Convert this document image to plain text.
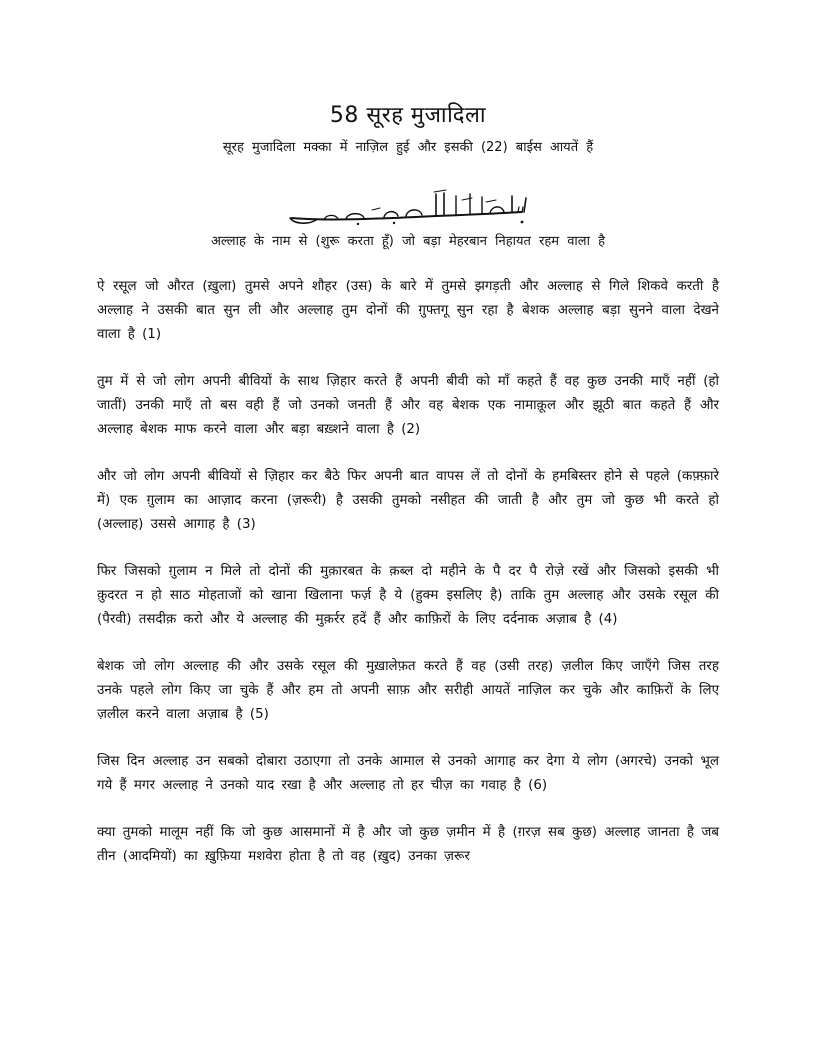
58 सूरह मुजादिला
सूरह मुजादिला मक्का में नाज़िल हुई और इसकी (22) बाईस आयतें हैं
अल्लाह के नाम से (शुरू करता हूँ) जो बड़ा मेहरबान निहायत रहम वाला है

ऐ रसूल जो औरत (ख़ुला) तुमसे अपने शौहर (उस) के बारे में तुमसे झगड़ती और अल्लाह से गिले शिकवे करती है अल्लाह ने उसकी बात सुन ली और अल्लाह तुम दोनों की ग़ुफ्तगू सुन रहा है बेशक अल्लाह बड़ा सुनने वाला देखने वाला है (1)

तुम में से जो लोग अपनी बीवियों के साथ ज़िहार करते हैं अपनी बीवी को माँ कहते हैं वह कुछ उनकी माएँ नहीं (हो जातीं) उनकी माएँ तो बस वही हैं जो उनको जनती हैं और वह बेशक एक नामाक़ूल और झूठी बात कहते हैं और अल्लाह बेशक माफ करने वाला और बड़ा बख़्शने वाला है (2)

और जो लोग अपनी बीवियों से ज़िहार कर बैठे फिर अपनी बात वापस लें तो दोनों के हमबिस्तर होने से पहले (कफ़्फ़ारे में) एक ग़ुलाम का आज़ाद करना (ज़रूरी) है उसकी तुमको नसीहत की जाती है और तुम जो कुछ भी करते हो (अल्लाह) उससे आगाह है (3)

फिर जिसको ग़ुलाम न मिले तो दोनों की मुक़ारबत के क़ब्ल दो महीने के पै दर पै रोज़े रखें और जिसको इसकी भी क़ुदरत न हो साठ मोहताजों को खाना खिलाना फर्ज़ है ये (हुक्म इसलिए है) ताकि तुम अल्लाह और उसके रसूल की (पैरवी) तसदीक़ करो और ये अल्लाह की मुक़र्रर हदें हैं और काफ़िरों के लिए दर्दनाक अज़ाब है (4)

बेशक जो लोग अल्लाह की और उसके रसूल की मुख़ालेफ़त करते हैं वह (उसी तरह) ज़लील किए जाएँगे जिस तरह उनके पहले लोग किए जा चुके हैं और हम तो अपनी साफ़ और सरीही आयतें नाज़िल कर चुके और काफ़िरों के लिए ज़लील करने वाला अज़ाब है (5)

जिस दिन अल्लाह उन सबको दोबारा उठाएगा तो उनके आमाल से उनको आगाह कर देगा ये लोग (अगरचे) उनको भूल गये हैं मगर अल्लाह ने उनको याद रखा है और अल्लाह तो हर चीज़ का गवाह है (6)

क्या तुमको मालूम नहीं कि जो कुछ आसमानों में है और जो कुछ ज़मीन में है (ग़रज़ सब कुछ) अल्लाह जानता है जब तीन (आदमियों) का ख़ुफ़िया मशवेरा होता है तो वह (ख़ुद) उनका ज़रूर
